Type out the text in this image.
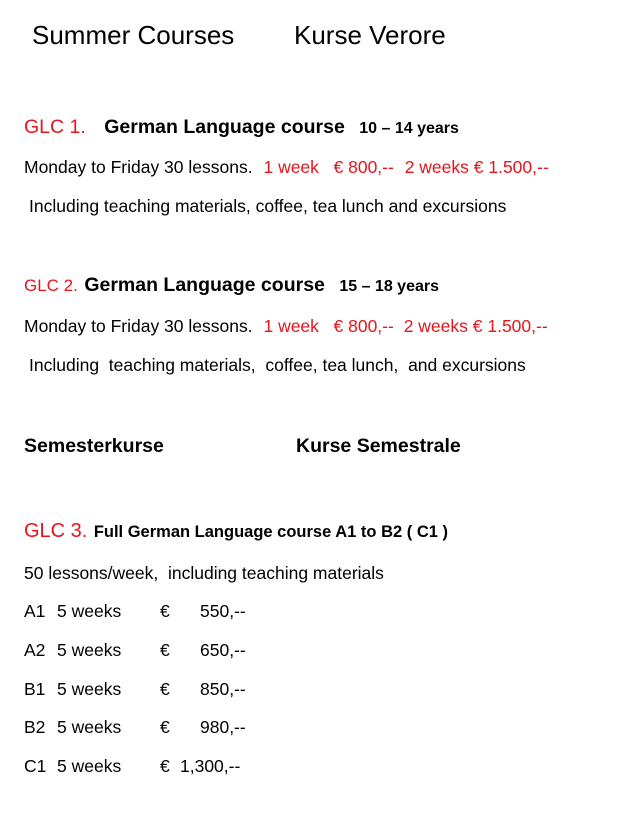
Summer Courses Kurse Verore
GLC 1. German Language course 10 – 14 years
Monday to Friday 30 lessons. 1 week   € 800,-- 2 weeks € 1.500,--
Including teaching materials, coffee, tea lunch and excursions
GLC 2. German Language course 15 – 18 years
Monday to Friday 30 lessons. 1 week   € 800,-- 2 weeks € 1.500,--
Including  teaching materials,  coffee, tea lunch,  and excursions
Semesterkurse	Kurse Semestrale
GLC 3. Full German Language course A1 to B2 ( C1 )
50 lessons/week,  including teaching materials
A1 5 weeks € 550,--
A2 5 weeks € 650,--
B1 5 weeks € 850,--
B2 5 weeks € 980,--
C1 5 weeks € 1,300,--
